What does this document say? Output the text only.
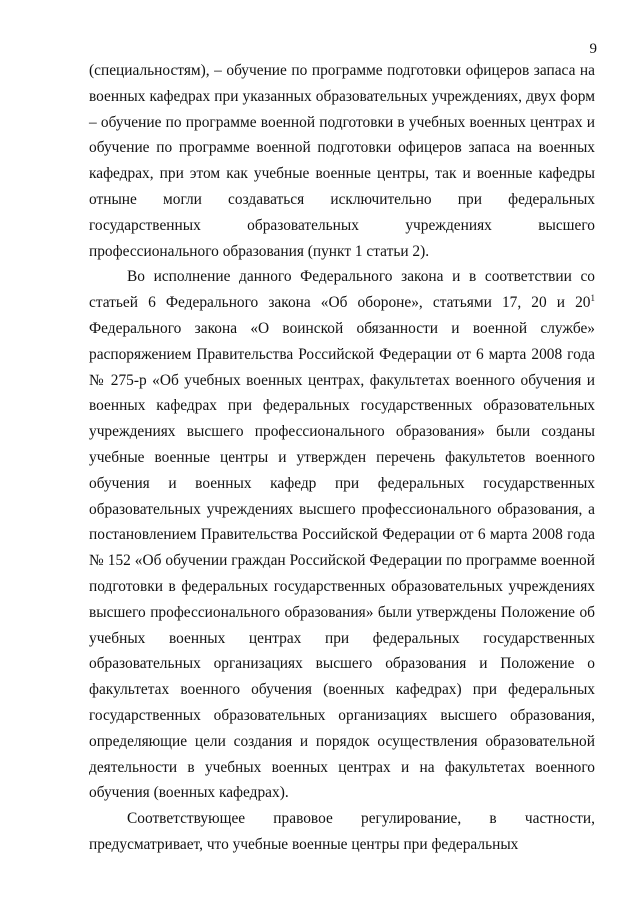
9

(специальностям), – обучение по программе подготовки офицеров запаса на военных кафедрах при указанных образовательных учреждениях, двух форм – обучение по программе военной подготовки в учебных военных центрах и обучение по программе военной подготовки офицеров запаса на военных кафедрах, при этом как учебные военные центры, так и военные кафедры отныне могли создаваться исключительно при федеральных государственных образовательных учреждениях высшего профессионального образования (пункт 1 статьи 2).

Во исполнение данного Федерального закона и в соответствии со статьей 6 Федерального закона «Об обороне», статьями 17, 20 и $20^1$ Федерального закона «О воинской обязанности и военной службе» распоряжением Правительства Российской Федерации от 6 марта 2008 года № 275-р «Об учебных военных центрах, факультетах военного обучения и военных кафедрах при федеральных государственных образовательных учреждениях высшего профессионального образования» были созданы учебные военные центры и утвержден перечень факультетов военного обучения и военных кафедр при федеральных государственных образовательных учреждениях высшего профессионального образования, а постановлением Правительства Российской Федерации от 6 марта 2008 года № 152 «Об обучении граждан Российской Федерации по программе военной подготовки в федеральных государственных образовательных учреждениях высшего профессионального образования» были утверждены Положение об учебных военных центрах при федеральных государственных образовательных организациях высшего образования и Положение о факультетах военного обучения (военных кафедрах) при федеральных государственных образовательных организациях высшего образования, определяющие цели создания и порядок осуществления образовательной деятельности в учебных военных центрах и на факультетах военного обучения (военных кафедрах).

Соответствующее правовое регулирование, в частности, предусматривает, что учебные военные центры при федеральных
